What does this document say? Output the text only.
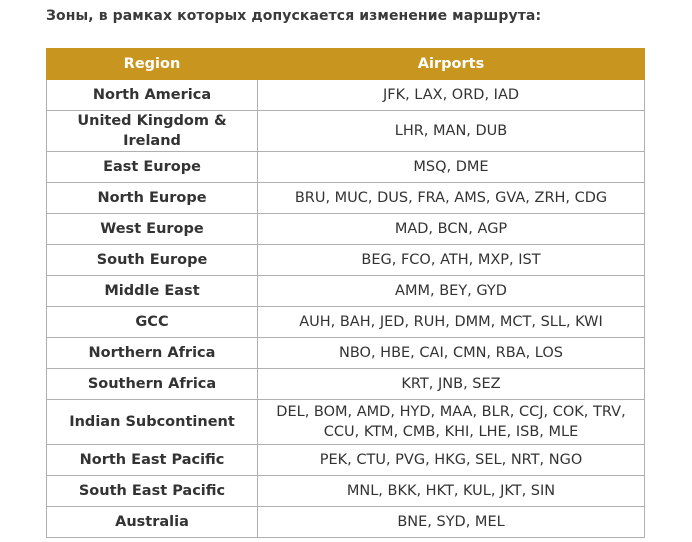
Зоны, в рамках которых допускается изменение маршрута:
Region	Airports
North America	JFK, LAX, ORD, IAD
United Kingdom & Ireland	LHR, MAN, DUB
East Europe	MSQ, DME
North Europe	BRU, MUC, DUS, FRA, AMS, GVA, ZRH, CDG
West Europe	MAD, BCN, AGP
South Europe	BEG, FCO, ATH, MXP, IST
Middle East	AMM, BEY, GYD
GCC	AUH, BAH, JED, RUH, DMM, MCT, SLL, KWI
Northern Africa	NBO, HBE, CAI, CMN, RBA, LOS
Southern Africa	KRT, JNB, SEZ
Indian Subcontinent	DEL, BOM, AMD, HYD, MAA, BLR, CCJ, COK, TRV, CCU, KTM, CMB, KHI, LHE, ISB, MLE
North East Pacific	PEK, CTU, PVG, HKG, SEL, NRT, NGO
South East Pacific	MNL, BKK, HKT, KUL, JKT, SIN
Australia	BNE, SYD, MEL
